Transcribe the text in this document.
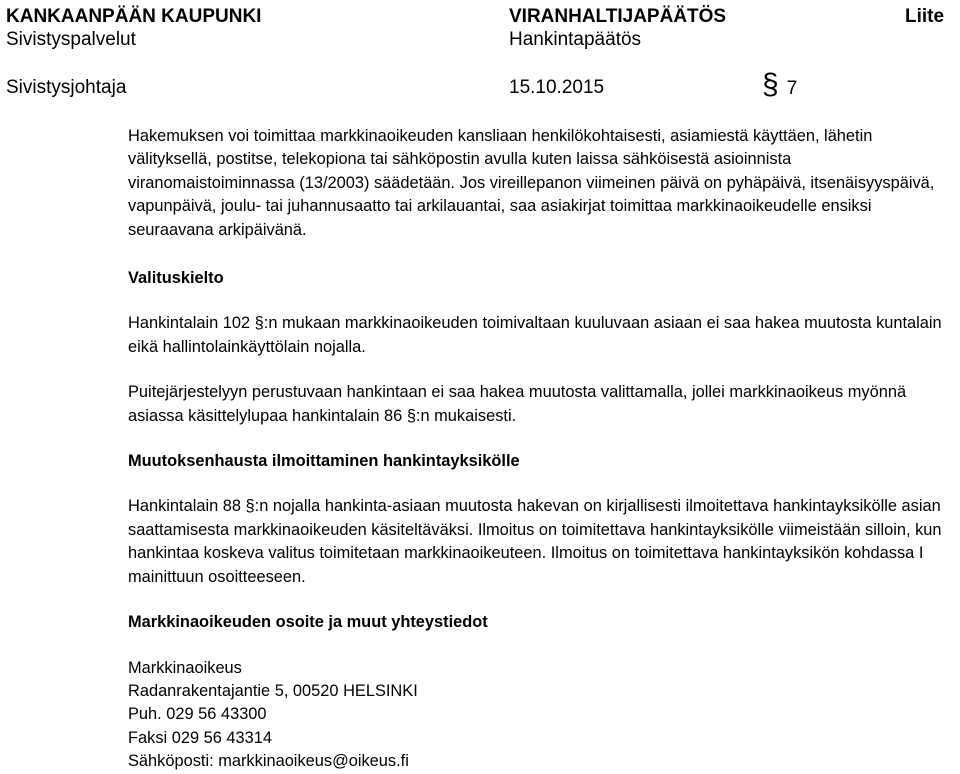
KANKAANPÄÄN KAUPUNKI
Sivistyspalvelut
VIRANHALTIJAPÄÄTÖS
Hankintapäätös
Liite
Sivistysjohtaja	15.10.2015	§ 7

Hakemuksen voi toimittaa markkinaoikeuden kansliaan henkilökohtaisesti, asiamiestä käyttäen, lähetin välityksellä, postitse, telekopiona tai sähköpostin avulla kuten laissa sähköisestä asioinnista viranomaistoiminnassa (13/2003) säädetään. Jos vireillepanon viimeinen päivä on pyhäpäivä, itsenäisyyspäivä, vapunpäivä, joulu- tai juhannusaatto tai arkilauantai, saa asiakirjat toimittaa markkinaoikeudelle ensiksi seuraavana arkipäivänä.

Valituskielto

Hankintalain 102 §:n mukaan markkinaoikeuden toimivaltaan kuuluvaan asiaan ei saa hakea muutosta kuntalain eikä hallintolainkäyttölain nojalla.

Puitejärjestelyyn perustuvaan hankintaan ei saa hakea muutosta valittamalla, jollei markkinaoikeus myönnä asiassa käsittelylupaa hankintalain 86 §:n mukaisesti.

Muutoksenhausta ilmoittaminen hankintayksikölle

Hankintalain 88 §:n nojalla hankinta-asiaan muutosta hakevan on kirjallisesti ilmoitettava hankintayksikölle asian saattamisesta markkinaoikeuden käsiteltäväksi. Ilmoitus on toimitettava hankintayksikölle viimeistään silloin, kun hankintaa koskeva valitus toimitetaan markkinaoikeuteen. Ilmoitus on toimitettava hankintayksikön kohdassa I mainittuun osoitteeseen.

Markkinaoikeuden osoite ja muut yhteystiedot

Markkinaoikeus

Radanrakentajantie 5, 00520 HELSINKI

Puh. 029 56 43300

Faksi 029 56 43314

Sähköposti: markkinaoikeus@oikeus.fi
